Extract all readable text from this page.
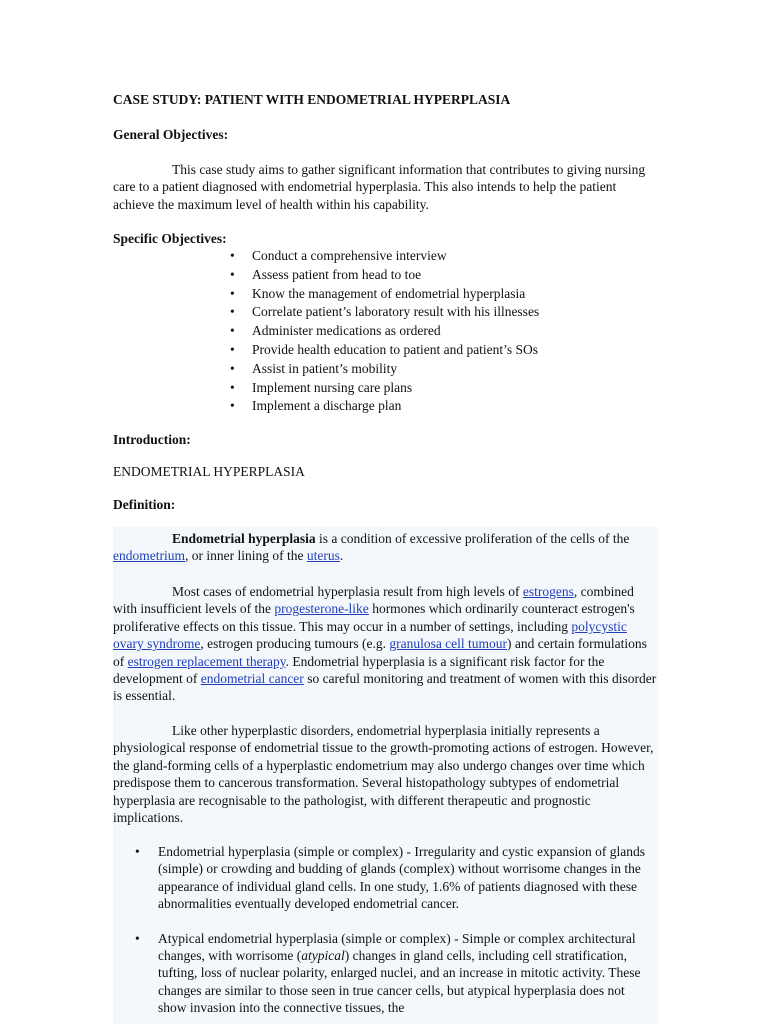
CASE STUDY: PATIENT WITH ENDOMETRIAL HYPERPLASIA
General Objectives:

This case study aims to gather significant information that contributes to giving nursing care to a patient diagnosed with endometrial hyperplasia. This also intends to help the patient achieve the maximum level of health within his capability.

Specific Objectives:
• Conduct a comprehensive interview
• Assess patient from head to toe
• Know the management of endometrial hyperplasia
• Correlate patient’s laboratory result with his illnesses
• Administer medications as ordered
• Provide health education to patient and patient’s SOs
• Assist in patient’s mobility
• Implement nursing care plans
• Implement a discharge plan
Introduction:
ENDOMETRIAL HYPERPLASIA
Definition:

Endometrial hyperplasia is a condition of excessive proliferation of the cells of the endometrium, or inner lining of the uterus.

Most cases of endometrial hyperplasia result from high levels of estrogens, combined with insufficient levels of the progesterone-like hormones which ordinarily counteract estrogen's proliferative effects on this tissue. This may occur in a number of settings, including polycystic ovary syndrome, estrogen producing tumours (e.g. granulosa cell tumour) and certain formulations of estrogen replacement therapy. Endometrial hyperplasia is a significant risk factor for the development of endometrial cancer so careful monitoring and treatment of women with this disorder is essential.

Like other hyperplastic disorders, endometrial hyperplasia initially represents a physiological response of endometrial tissue to the growth-promoting actions of estrogen. However, the gland-forming cells of a hyperplastic endometrium may also undergo changes over time which predispose them to cancerous transformation. Several histopathology subtypes of endometrial hyperplasia are recognisable to the pathologist, with different therapeutic and prognostic implications.

• Endometrial hyperplasia (simple or complex) - Irregularity and cystic expansion of glands (simple) or crowding and budding of glands (complex) without worrisome changes in the appearance of individual gland cells. In one study, 1.6% of patients diagnosed with these abnormalities eventually developed endometrial cancer.
• Atypical endometrial hyperplasia (simple or complex) - Simple or complex architectural changes, with worrisome (atypical) changes in gland cells, including cell stratification, tufting, loss of nuclear polarity, enlarged nuclei, and an increase in mitotic activity. These changes are similar to those seen in true cancer cells, but atypical hyperplasia does not show invasion into the connective tissues, the
